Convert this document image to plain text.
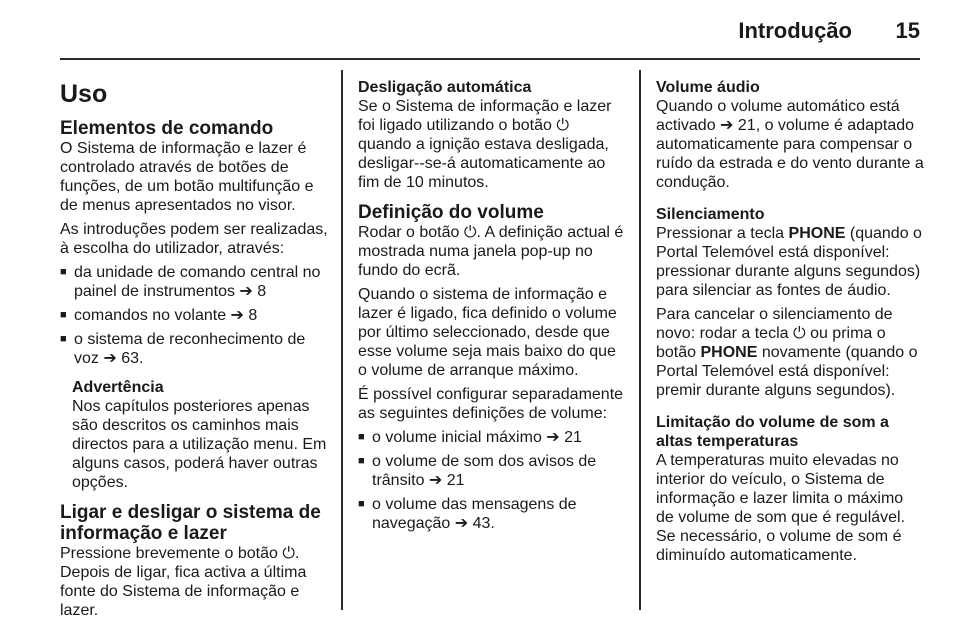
Introdução 15
Uso
Elementos de comando

O Sistema de informação e lazer é controlado através de botões de funções, de um botão multifunção e de menus apresentados no visor.

As introduções podem ser realizadas, à escolha do utilizador, através:

■ da unidade de comando central no painel de instrumentos ➔ 8
■ comandos no volante ➔ 8
■ o sistema de reconhecimento de voz ➔ 63.
Advertência
Nos capítulos posteriores apenas são descritos os caminhos mais directos para a utilização menu. Em alguns casos, poderá haver outras opções.
Ligar e desligar o sistema de informação e lazer

Pressione brevemente o botão ⏻. Depois de ligar, fica activa a última fonte do Sistema de informação e lazer.

Desligação automática

Se o Sistema de informação e lazer foi ligado utilizando o botão ⏻ quando a ignição estava desligada, desligar--se-á automaticamente ao fim de 10 minutos.

Definição do volume

Rodar o botão ⏻. A definição actual é mostrada numa janela pop-up no fundo do ecrã.

Quando o sistema de informação e lazer é ligado, fica definido o volume por último seleccionado, desde que esse volume seja mais baixo do que o volume de arranque máximo.

É possível configurar separadamente as seguintes definições de volume:

■ o volume inicial máximo ➔ 21
■ o volume de som dos avisos de trânsito ➔ 21
■ o volume das mensagens de navegação ➔ 43.
Volume áudio

Quando o volume automático está activado ➔ 21, o volume é adaptado automaticamente para compensar o ruído da estrada e do vento durante a condução.

Silenciamento

Pressionar a tecla PHONE (quando o Portal Telemóvel está disponível: pressionar durante alguns segundos) para silenciar as fontes de áudio.

Para cancelar o silenciamento de novo: rodar a tecla ⏻ ou prima o botão PHONE novamente (quando o Portal Telemóvel está disponível: premir durante alguns segundos).

Limitação do volume de som a altas temperaturas

A temperaturas muito elevadas no interior do veículo, o Sistema de informação e lazer limita o máximo de volume de som que é regulável. Se necessário, o volume de som é diminuído automaticamente.
